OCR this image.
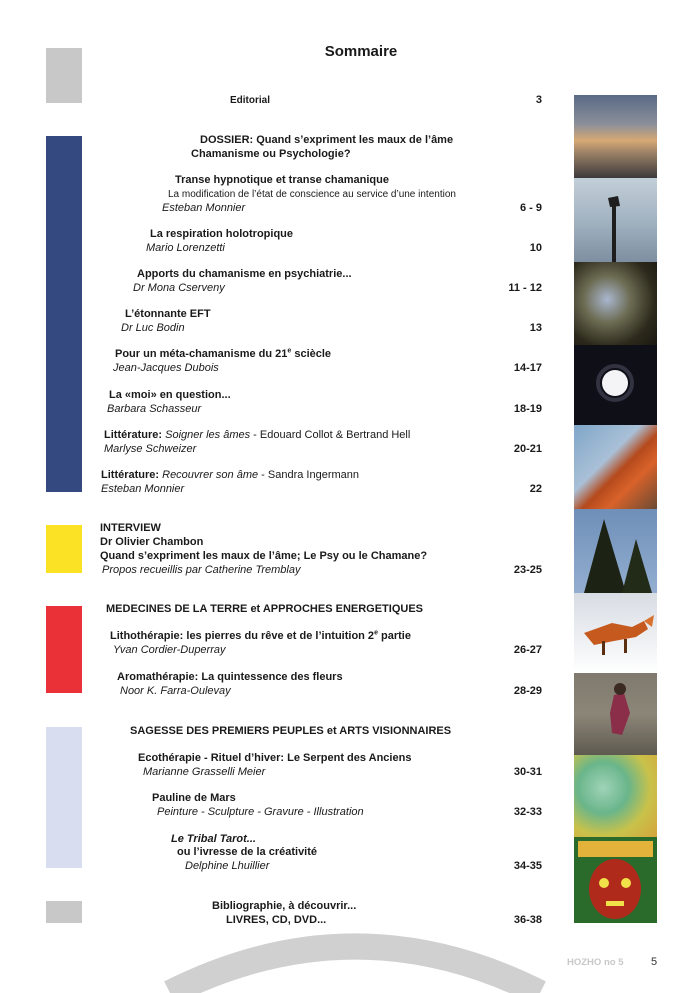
Sommaire
Editorial	3
DOSSIER: Quand s’expriment les maux de l’âme
Chamanisme ou Psychologie?
Transe hypnotique et transe chamanique
La modification de l’état de conscience au service d’une intention
Esteban Monnier	6 - 9
La respiration holotropique
Mario Lorenzetti	10
Apports du chamanisme en psychiatrie...
Dr Mona Cserveny	11 - 12
L’étonnante EFT
Dr Luc Bodin	13
Pour un méta-chamanisme du 21e sciècle
Jean-Jacques Dubois	14-17
La «moi» en question...
Barbara Schasseur	18-19
Littérature: Soigner les âmes - Edouard Collot & Bertrand Hell
Marlyse Schweizer	20-21
Littérature: Recouvrer son âme - Sandra Ingermann
Esteban Monnier	22
INTERVIEW
Dr Olivier Chambon
Quand s’expriment les maux de l’âme; Le Psy ou le Chamane?
Propos recueillis par Catherine Tremblay	23-25
MEDECINES DE LA TERRE et APPROCHES ENERGETIQUES
Lithothérapie: les pierres du rêve et de l’intuition 2e partie
Yvan Cordier-Duperray	26-27
Aromathérapie: La quintessence des fleurs
Noor K. Farra-Oulevay	28-29
SAGESSE DES PREMIERS PEUPLES et ARTS VISIONNAIRES
Ecothérapie - Rituel d’hiver: Le Serpent des Anciens
Marianne Grasselli Meier	30-31
Pauline de Mars
Peinture - Sculpture - Gravure - Illustration	32-33
Le Tribal Tarot...
ou l’ivresse de la créativité
Delphine Lhuillier	34-35
Bibliographie, à découvrir...
LIVRES, CD, DVD...	36-38
HOZHO no 5	5
